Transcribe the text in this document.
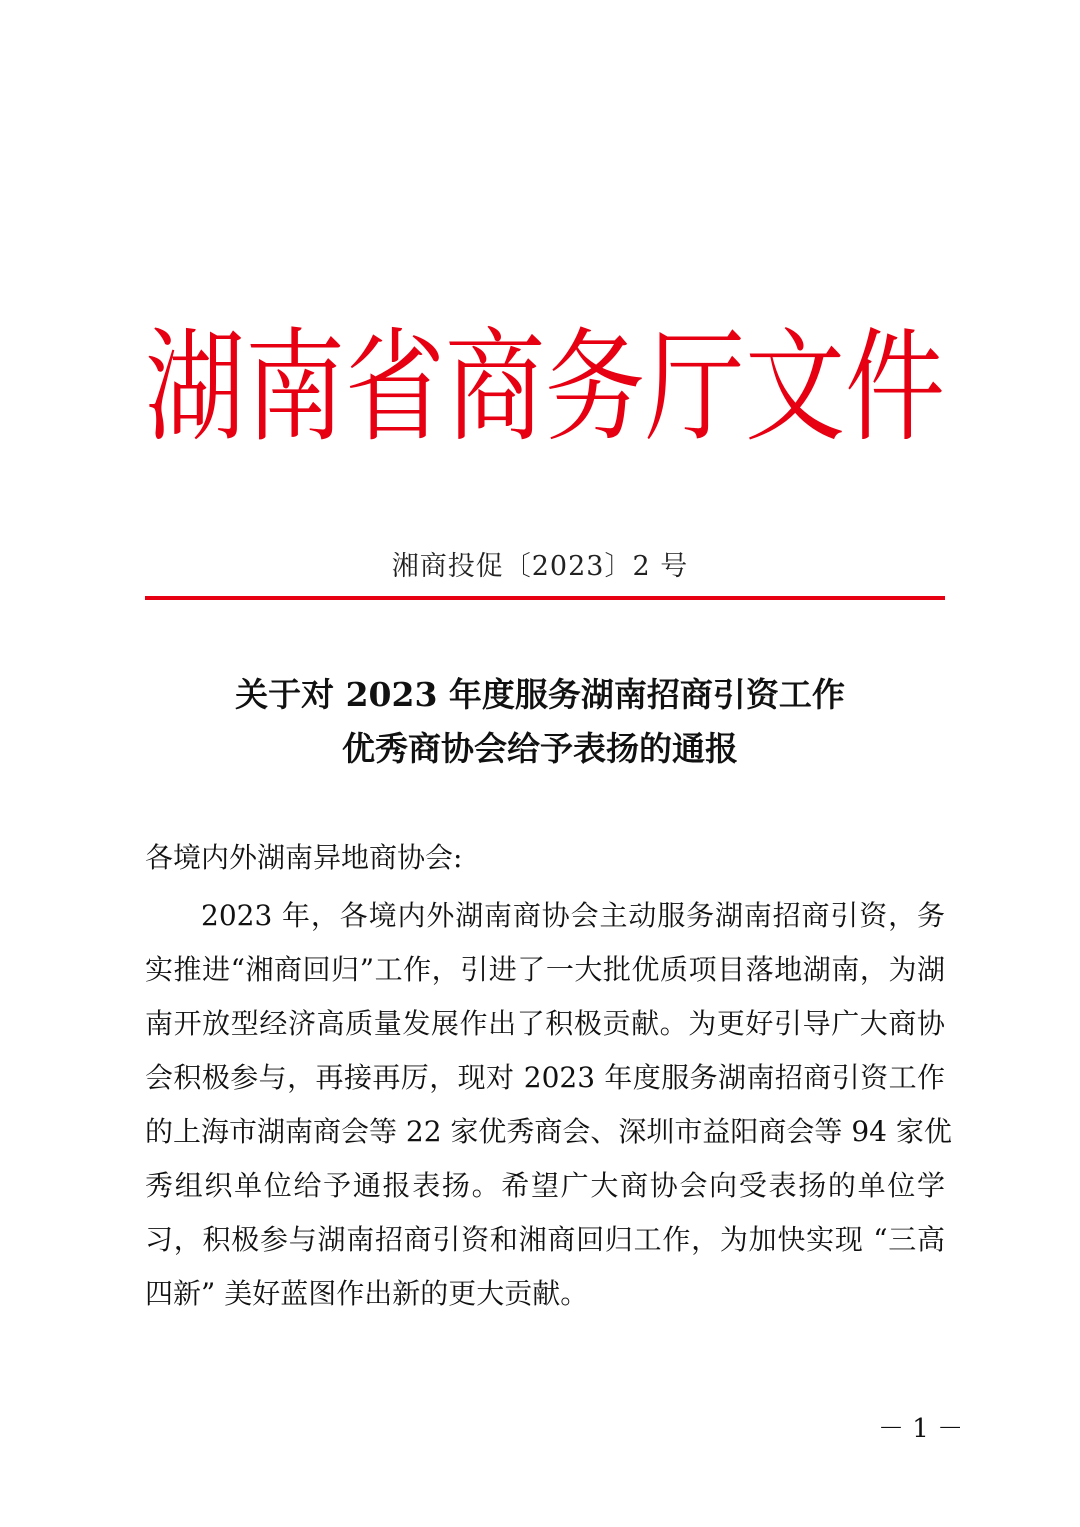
湖 南 省 商 务 厅 文 件
湘商投促〔2023〕2 号
关于对 2023 年度服务湖南招商引资工作
优秀商协会给予表扬的通报
各境内外湖南异地商协会:
2023 年，各境内外湖南商协会主动服务湖南招商引资，务
实推进“湘商回归”工作，引进了一大批优质项目落地湖南，为湖
南开放型经济高质量发展作出了积极贡献。为更好引导广大商协
会积极参与，再接再厉，现对 2023 年度服务湖南招商引资工作
的上海市湖南商会等 22 家优秀商会、深圳市益阳商会等 94 家优
秀组织单位给予通报表扬。希望广大商协会向受表扬的单位学
习，积极参与湖南招商引资和湘商回归工作，为加快实现 “三高
四新” 美好蓝图作出新的更大贡献。
－ 1 －
